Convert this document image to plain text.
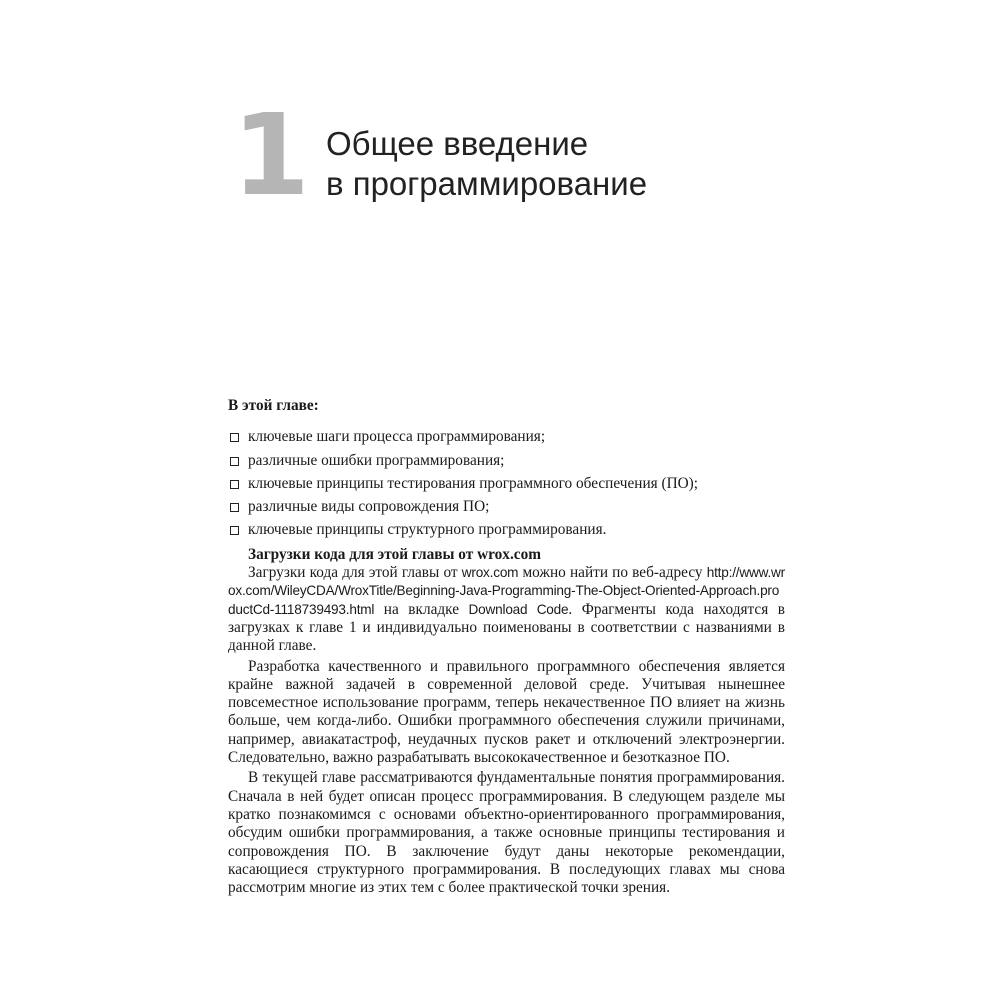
1 Общее введение
в программирование
В этой главе:
ключевые шаги процесса программирования;
различные ошибки программирования;
ключевые принципы тестирования программного обеспечения (ПО);
различные виды сопровождения ПО;
ключевые принципы структурного программирования.
Загрузки кода для этой главы от wrox.com

Загрузки кода для этой главы от wrox.com можно найти по веб-адресу http://www.wrox.com/WileyCDA/WroxTitle/Beginning-Java-Programming-The-Object-Oriented-Approach.productCd-1118739493.html на вкладке Download Code. Фрагменты кода находятся в загрузках к главе 1 и индивидуально поименованы в соответствии с названиями в данной главе.

Разработка качественного и правильного программного обеспечения является крайне важной задачей в современной деловой среде. Учитывая нынешнее повсеместное использование программ, теперь некачественное ПО влияет на жизнь больше, чем когда-либо. Ошибки программного обеспечения служили причинами, например, авиакатастроф, неудачных пусков ракет и отключений электроэнергии. Следовательно, важно разрабатывать высококачественное и безотказное ПО.

В текущей главе рассматриваются фундаментальные понятия программирования. Сначала в ней будет описан процесс программирования. В следующем разделе мы кратко познакомимся с основами объектно-ориентированного программирования, обсудим ошибки программирования, а также основные принципы тестирования и сопровождения ПО. В заключение будут даны некоторые рекомендации, касающиеся структурного программирования. В последующих главах мы снова рассмотрим многие из этих тем с более практической точки зрения.
